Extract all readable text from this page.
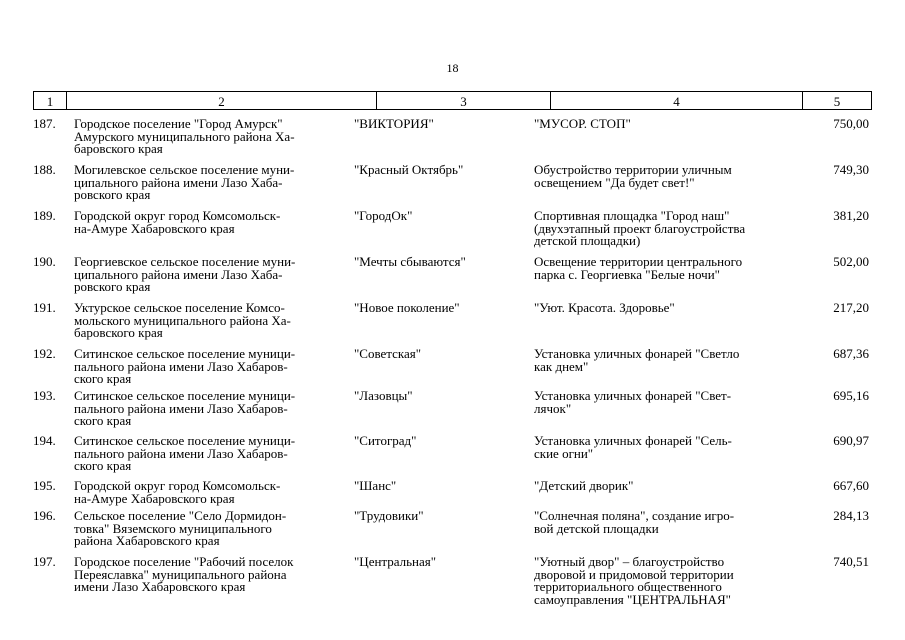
18
1	2	3	4	5
187.	Городское поселение "Город Амурск"
Амурского муниципального района Ха-
баровского края
"ВИКТОРИЯ"	"МУСОР. СТОП"	750,00
188.	Могилевское сельское поселение муни-
ципального района имени Лазо Хаба-
ровского края
"Красный Октябрь"	Обустройство территории уличным
освещением "Да будет свет!"
749,30
189.	Городской округ город Комсомольск-
на-Амуре Хабаровского края
"ГородОк"	Спортивная площадка "Город наш"
(двухэтапный проект благоустройства
детской площадки)
381,20
190.	Георгиевское сельское поселение муни-
ципального района имени Лазо Хаба-
ровского края
"Мечты сбываются"	Освещение территории центрального
парка с. Георгиевка "Белые ночи"
502,00
191.	Уктурское сельское поселение Комсо-
мольского муниципального района Ха-
баровского края
"Новое поколение"	"Уют. Красота. Здоровье"	217,20
192.	Ситинское сельское поселение муници-
пального района имени Лазо Хабаров-
ского края
"Советская"	Установка уличных фонарей "Светло
как днем"
687,36
193.	Ситинское сельское поселение муници-
пального района имени Лазо Хабаров-
ского края
"Лазовцы"	Установка уличных фонарей "Свет-
лячок"
695,16
194.	Ситинское сельское поселение муници-
пального района имени Лазо Хабаров-
ского края
"Ситоград"	Установка уличных фонарей "Сель-
ские огни"
690,97
195.	Городской округ город Комсомольск-
на-Амуре Хабаровского края
"Шанс"	"Детский дворик"	667,60
196.	Сельское поселение "Село Дормидон-
товка" Вяземского муниципального
района Хабаровского края
"Трудовики"	"Солнечная поляна", создание игро-
вой детской площадки
284,13
197.	Городское поселение "Рабочий поселок
Переяславка" муниципального района
имени Лазо Хабаровского края
"Центральная"	"Уютный двор" – благоустройство
дворовой и придомовой территории
территориального общественного
самоуправления "ЦЕНТРАЛЬНАЯ"
740,51
